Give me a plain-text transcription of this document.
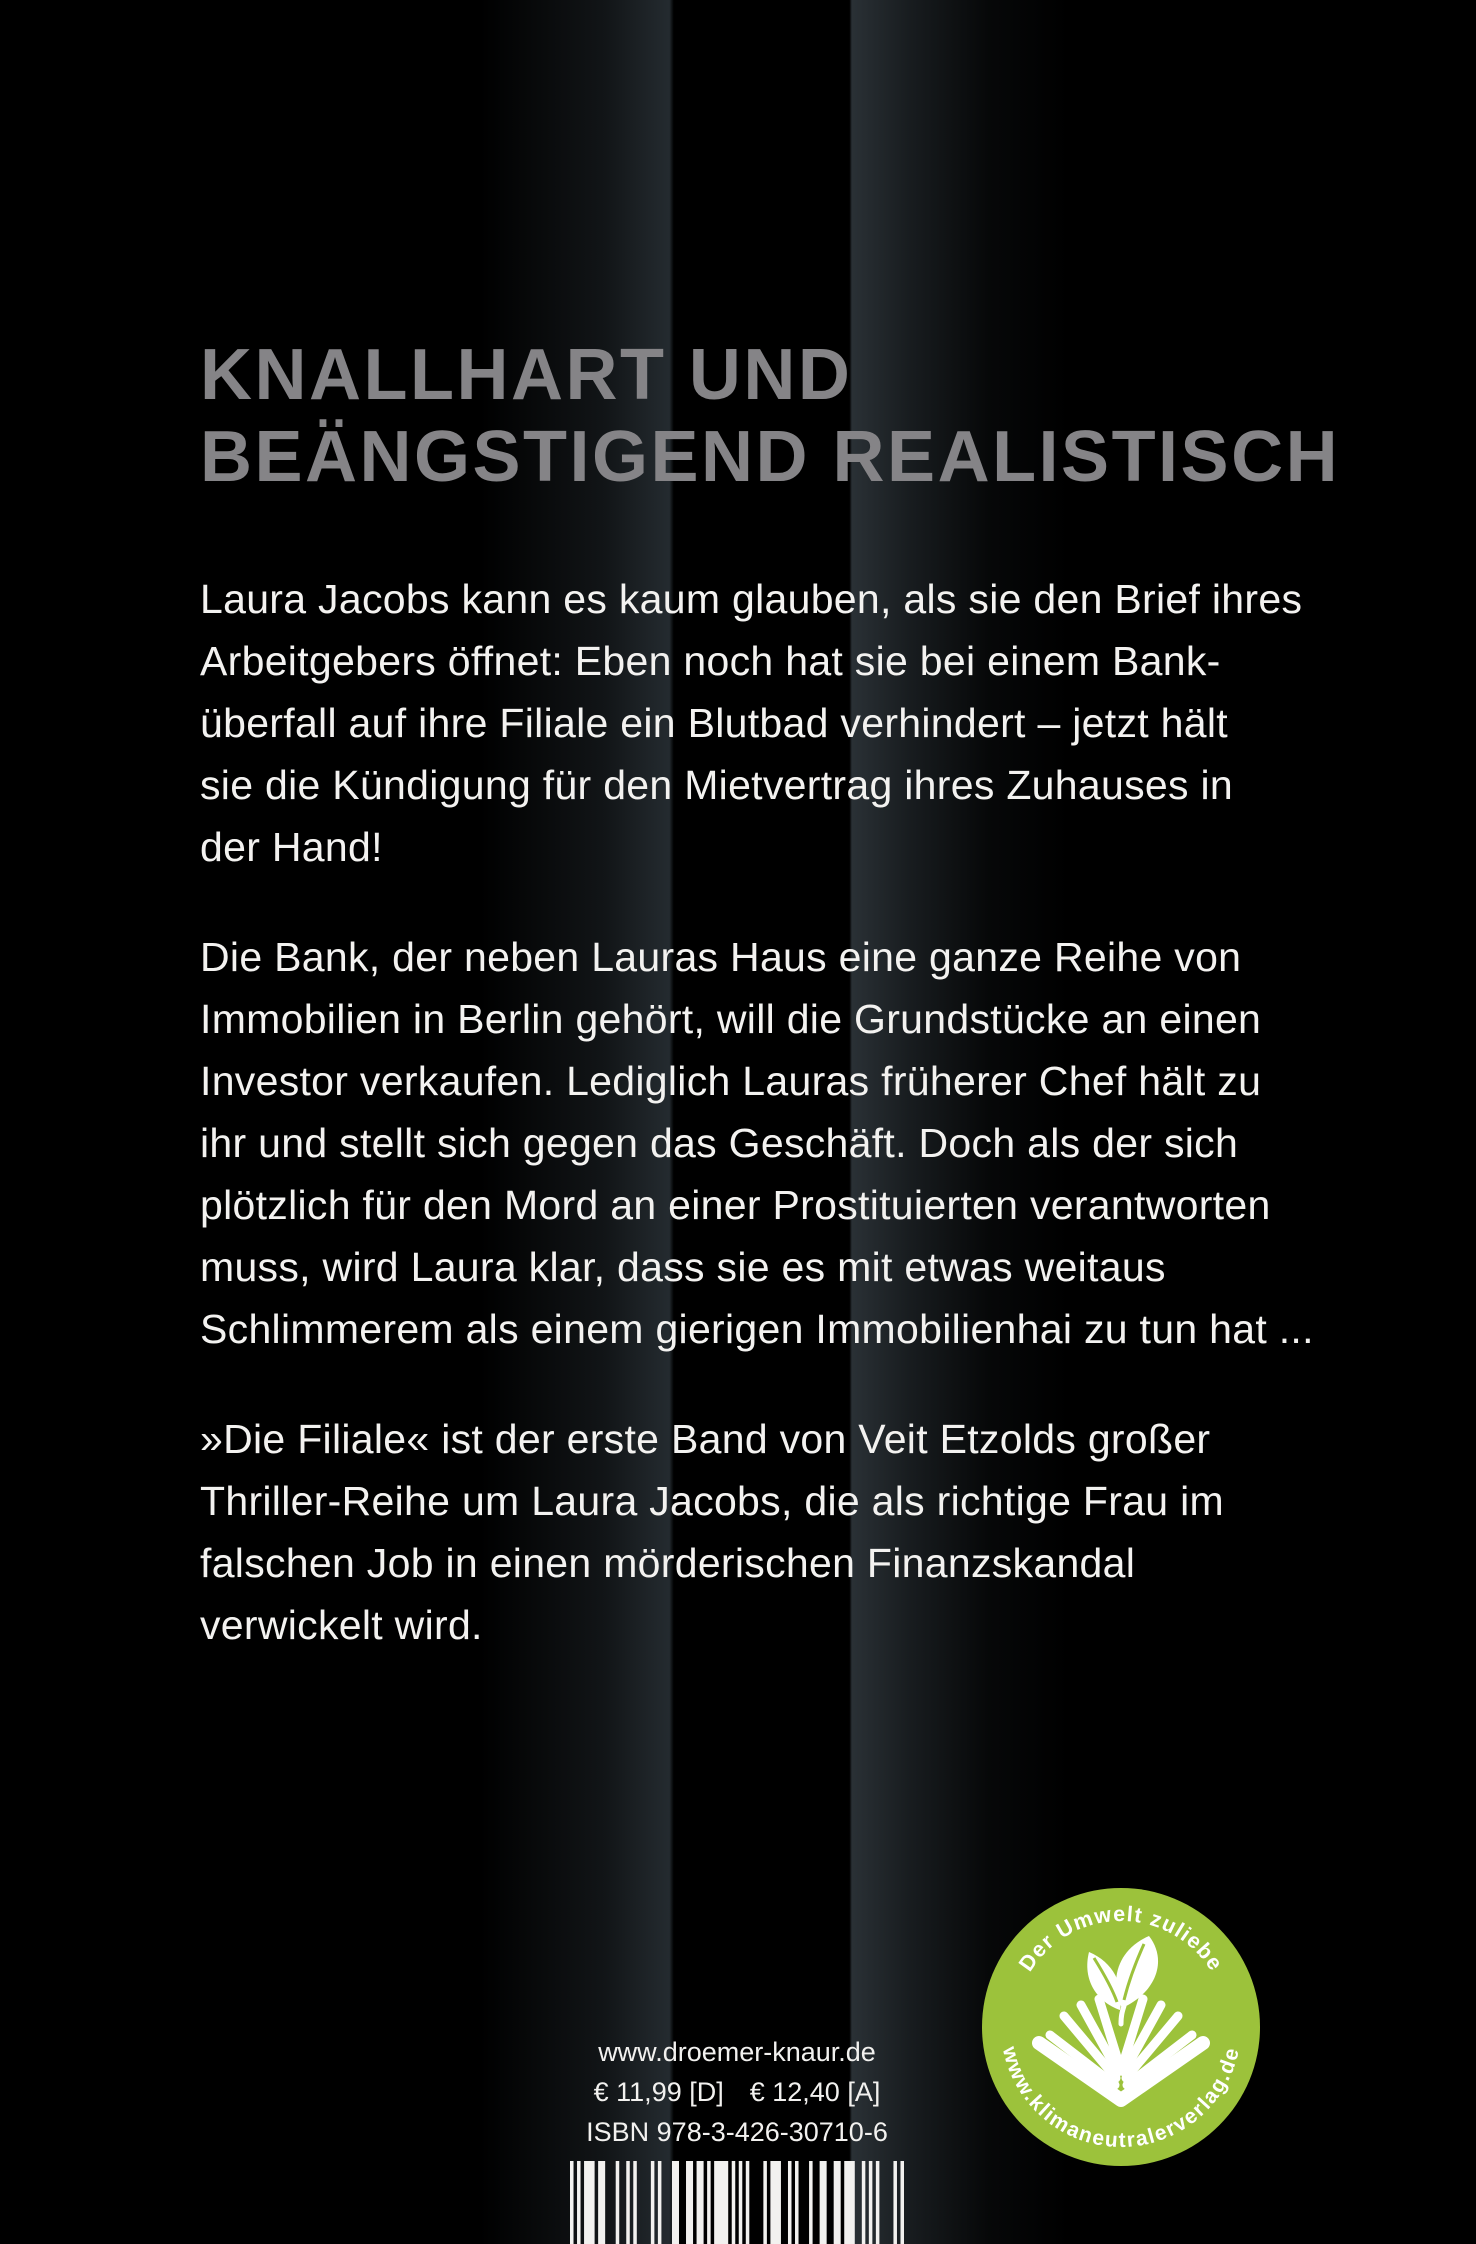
KNALLHART UND
BEÄNGSTIGEND REALISTISCH
Laura Jacobs kann es kaum glauben, als sie den Brief ihres
Arbeitgebers öffnet: Eben noch hat sie bei einem Bank-
überfall auf ihre Filiale ein Blutbad verhindert – jetzt hält
sie die Kündigung für den Mietvertrag ihres Zuhauses in
der Hand!
Die Bank, der neben Lauras Haus eine ganze Reihe von
Immobilien in Berlin gehört, will die Grundstücke an einen
Investor verkaufen. Lediglich Lauras früherer Chef hält zu
ihr und stellt sich gegen das Geschäft. Doch als der sich
plötzlich für den Mord an einer Prostituierten verantworten
muss, wird Laura klar, dass sie es mit etwas weitaus
Schlimmerem als einem gierigen Immobilienhai zu tun hat ...
»Die Filiale« ist der erste Band von Veit Etzolds großer
Thriller-Reihe um Laura Jacobs, die als richtige Frau im
falschen Job in einen mörderischen Finanzskandal
verwickelt wird.
www.droemer-knaur.de
€ 11,99 [D] € 12,40 [A]
ISBN 978-3-426-30710-6
Der Umwelt zuliebe
www.klimaneutralerverlag.de
